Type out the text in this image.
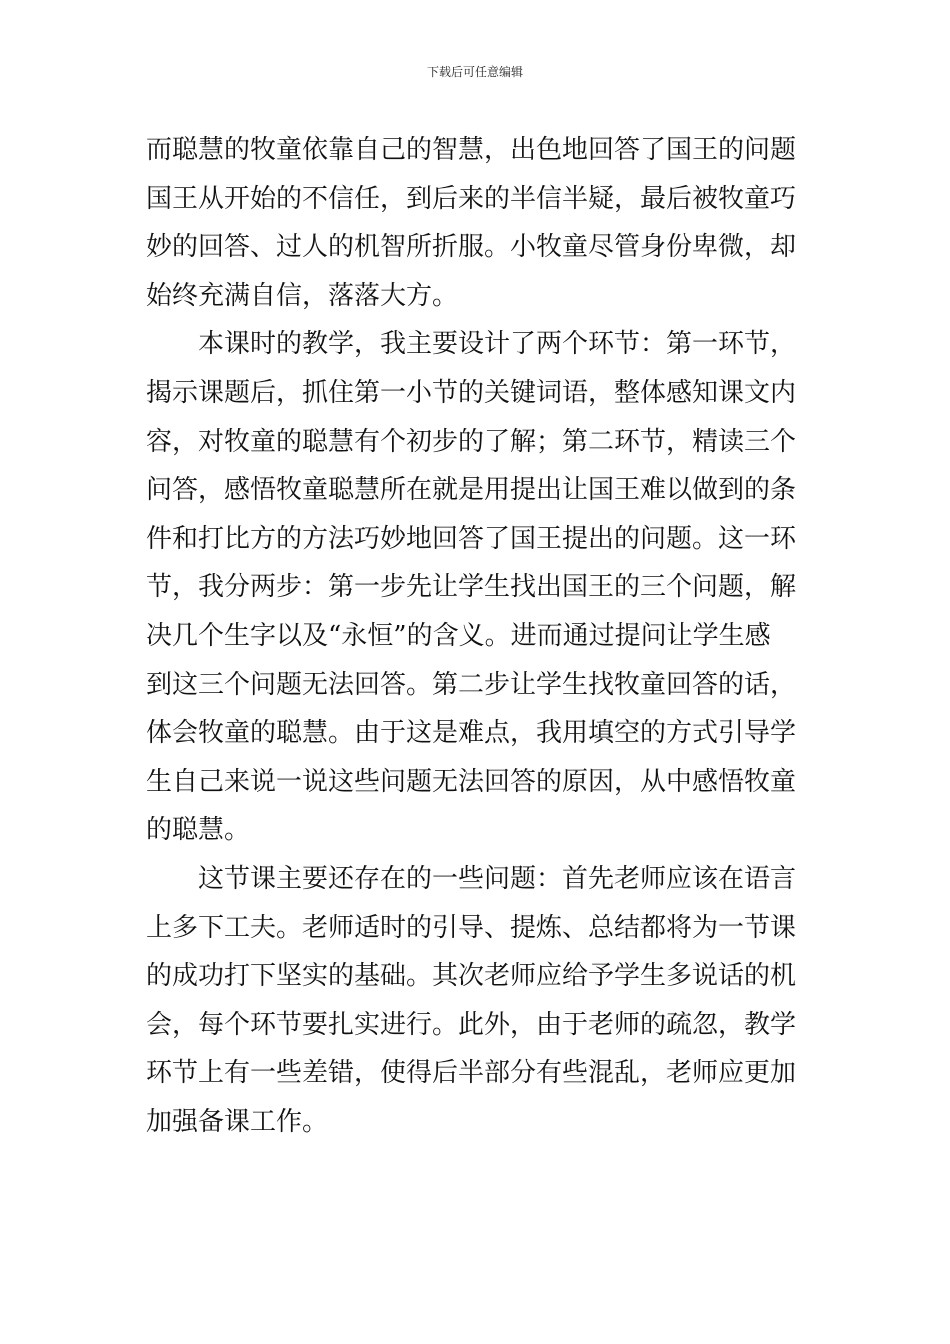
下载后可任意编辑
而聪慧的牧童依靠自己的智慧，出色地回答了国王的问题
国王从开始的不信任，到后来的半信半疑，最后被牧童巧
妙的回答、过人的机智所折服。小牧童尽管身份卑微，却
始终充满自信，落落大方。
本课时的教学，我主要设计了两个环节：第一环节，
揭示课题后，抓住第一小节的关键词语，整体感知课文内
容，对牧童的聪慧有个初步的了解；第二环节，精读三个
问答，感悟牧童聪慧所在就是用提出让国王难以做到的条
件和打比方的方法巧妙地回答了国王提出的问题。这一环
节，我分两步：第一步先让学生找出国王的三个问题，解
决几个生字以及“永恒”的含义。进而通过提问让学生感
到这三个问题无法回答。第二步让学生找牧童回答的话，
体会牧童的聪慧。由于这是难点，我用填空的方式引导学
生自己来说一说这些问题无法回答的原因，从中感悟牧童
的聪慧。
这节课主要还存在的一些问题：首先老师应该在语言
上多下工夫。老师适时的引导、提炼、总结都将为一节课
的成功打下坚实的基础。其次老师应给予学生多说话的机
会，每个环节要扎实进行。此外，由于老师的疏忽，教学
环节上有一些差错，使得后半部分有些混乱，老师应更加
加强备课工作。
